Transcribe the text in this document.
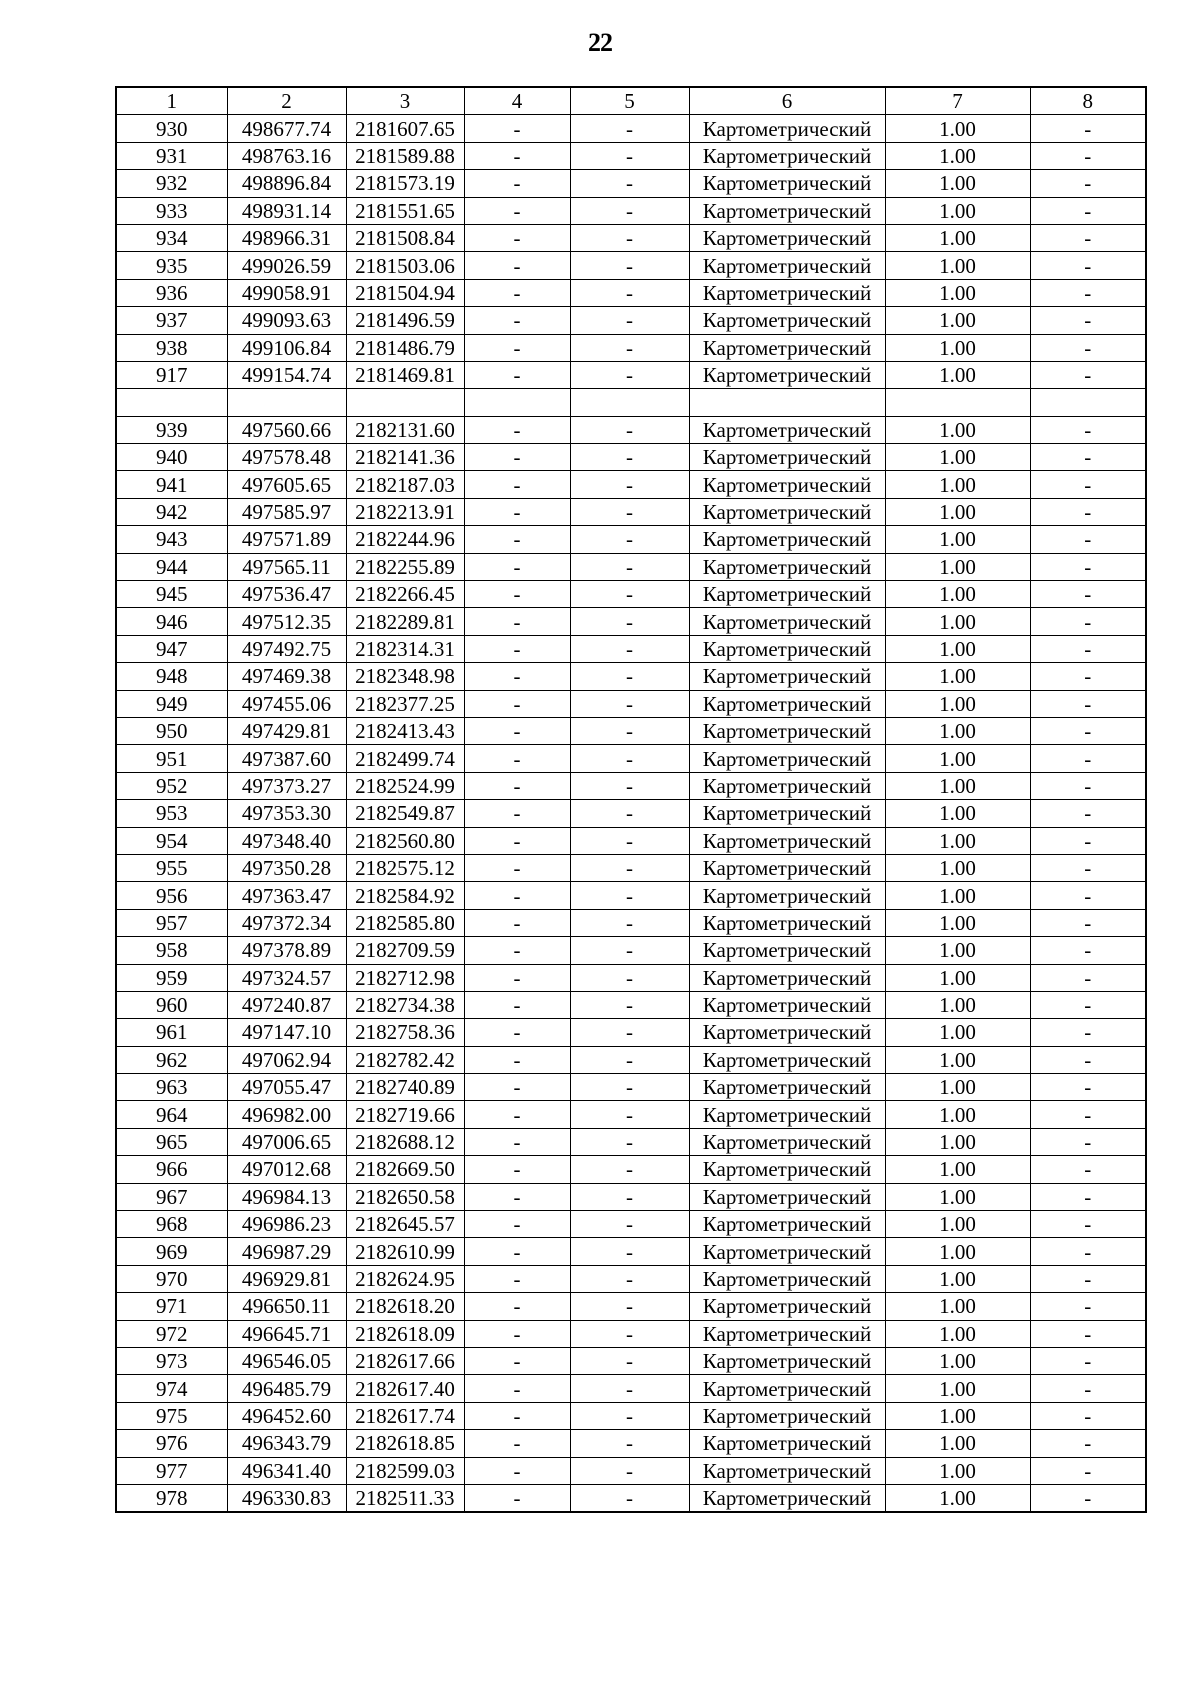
22
1	2	3	4	5	6	7	8
930	498677.74	2181607.65	-	-	Картометрический	1.00	-
931	498763.16	2181589.88	-	-	Картометрический	1.00	-
932	498896.84	2181573.19	-	-	Картометрический	1.00	-
933	498931.14	2181551.65	-	-	Картометрический	1.00	-
934	498966.31	2181508.84	-	-	Картометрический	1.00	-
935	499026.59	2181503.06	-	-	Картометрический	1.00	-
936	499058.91	2181504.94	-	-	Картометрический	1.00	-
937	499093.63	2181496.59	-	-	Картометрический	1.00	-
938	499106.84	2181486.79	-	-	Картометрический	1.00	-
917	499154.74	2181469.81	-	-	Картометрический	1.00	-

939	497560.66	2182131.60	-	-	Картометрический	1.00	-
940	497578.48	2182141.36	-	-	Картометрический	1.00	-
941	497605.65	2182187.03	-	-	Картометрический	1.00	-
942	497585.97	2182213.91	-	-	Картометрический	1.00	-
943	497571.89	2182244.96	-	-	Картометрический	1.00	-
944	497565.11	2182255.89	-	-	Картометрический	1.00	-
945	497536.47	2182266.45	-	-	Картометрический	1.00	-
946	497512.35	2182289.81	-	-	Картометрический	1.00	-
947	497492.75	2182314.31	-	-	Картометрический	1.00	-
948	497469.38	2182348.98	-	-	Картометрический	1.00	-
949	497455.06	2182377.25	-	-	Картометрический	1.00	-
950	497429.81	2182413.43	-	-	Картометрический	1.00	-
951	497387.60	2182499.74	-	-	Картометрический	1.00	-
952	497373.27	2182524.99	-	-	Картометрический	1.00	-
953	497353.30	2182549.87	-	-	Картометрический	1.00	-
954	497348.40	2182560.80	-	-	Картометрический	1.00	-
955	497350.28	2182575.12	-	-	Картометрический	1.00	-
956	497363.47	2182584.92	-	-	Картометрический	1.00	-
957	497372.34	2182585.80	-	-	Картометрический	1.00	-
958	497378.89	2182709.59	-	-	Картометрический	1.00	-
959	497324.57	2182712.98	-	-	Картометрический	1.00	-
960	497240.87	2182734.38	-	-	Картометрический	1.00	-
961	497147.10	2182758.36	-	-	Картометрический	1.00	-
962	497062.94	2182782.42	-	-	Картометрический	1.00	-
963	497055.47	2182740.89	-	-	Картометрический	1.00	-
964	496982.00	2182719.66	-	-	Картометрический	1.00	-
965	497006.65	2182688.12	-	-	Картометрический	1.00	-
966	497012.68	2182669.50	-	-	Картометрический	1.00	-
967	496984.13	2182650.58	-	-	Картометрический	1.00	-
968	496986.23	2182645.57	-	-	Картометрический	1.00	-
969	496987.29	2182610.99	-	-	Картометрический	1.00	-
970	496929.81	2182624.95	-	-	Картометрический	1.00	-
971	496650.11	2182618.20	-	-	Картометрический	1.00	-
972	496645.71	2182618.09	-	-	Картометрический	1.00	-
973	496546.05	2182617.66	-	-	Картометрический	1.00	-
974	496485.79	2182617.40	-	-	Картометрический	1.00	-
975	496452.60	2182617.74	-	-	Картометрический	1.00	-
976	496343.79	2182618.85	-	-	Картометрический	1.00	-
977	496341.40	2182599.03	-	-	Картометрический	1.00	-
978	496330.83	2182511.33	-	-	Картометрический	1.00	-
